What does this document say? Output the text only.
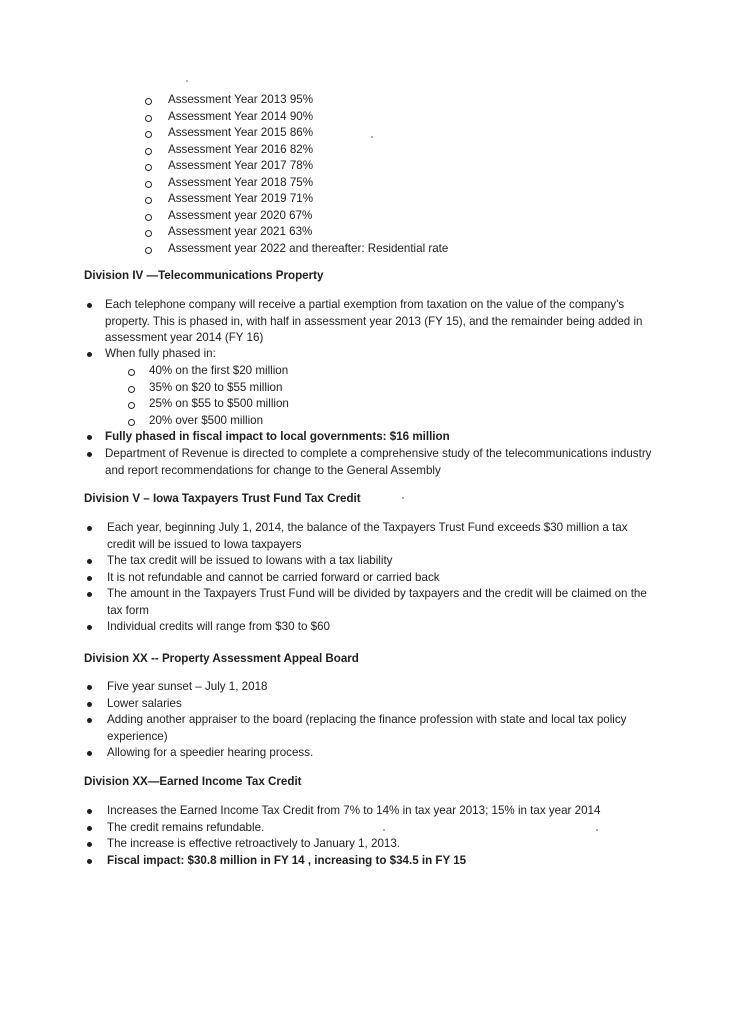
Assessment Year 2013 95%
Assessment Year 2014 90%
Assessment Year 2015 86%
Assessment Year 2016 82%
Assessment Year 2017 78%
Assessment Year 2018 75%
Assessment Year 2019 71%
Assessment year 2020 67%
Assessment year 2021 63%
Assessment year 2022 and thereafter: Residential rate
Division IV —Telecommunications Property
Each telephone company will receive a partial exemption from taxation on the value of the company’s property. This is phased in, with half in assessment year 2013 (FY 15), and the remainder being added in assessment year 2014 (FY 16)
When fully phased in:
40% on the first $20 million
35% on $20 to $55 million
25% on $55 to $500 million
20% over $500 million
Fully phased in fiscal impact to local governments: $16 million
Department of Revenue is directed to complete a comprehensive study of the telecommunications industry and report recommendations for change to the General Assembly
Division V – Iowa Taxpayers Trust Fund Tax Credit
Each year, beginning July 1, 2014, the balance of the Taxpayers Trust Fund exceeds $30 million a tax credit will be issued to Iowa taxpayers
The tax credit will be issued to Iowans with a tax liability
It is not refundable and cannot be carried forward or carried back
The amount in the Taxpayers Trust Fund will be divided by taxpayers and the credit will be claimed on the tax form
Individual credits will range from $30 to $60
Division XX -- Property Assessment Appeal Board
Five year sunset – July 1, 2018
Lower salaries
Adding another appraiser to the board (replacing the finance profession with state and local tax policy experience)
Allowing for a speedier hearing process.
Division XX—Earned Income Tax Credit
Increases the Earned Income Tax Credit from 7% to 14% in tax year 2013; 15% in tax year 2014
The credit remains refundable.
The increase is effective retroactively to January 1, 2013.
Fiscal impact: $30.8 million in FY 14 , increasing to $34.5 in FY 15
